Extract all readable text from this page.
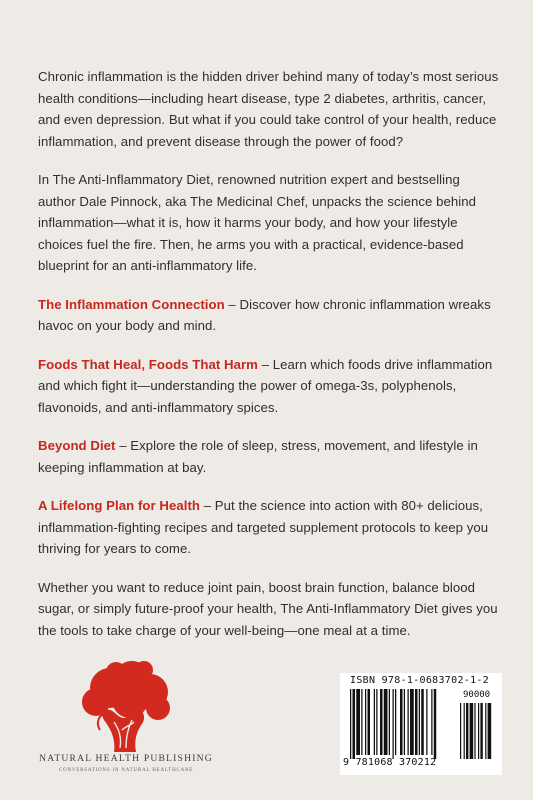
Chronic inflammation is the hidden driver behind many of today’s most serious health conditions—including heart disease, type 2 diabetes, arthritis, cancer, and even depression. But what if you could take control of your health, reduce inflammation, and prevent disease through the power of food?

In The Anti-Inflammatory Diet, renowned nutrition expert and bestselling author Dale Pinnock, aka The Medicinal Chef, unpacks the science behind inflammation—what it is, how it harms your body, and how your lifestyle choices fuel the fire. Then, he arms you with a practical, evidence-based blueprint for an anti-inflammatory life.

The Inflammation Connection – Discover how chronic inflammation wreaks havoc on your body and mind.

Foods That Heal, Foods That Harm – Learn which foods drive inflammation and which fight it—understanding the power of omega-3s, polyphenols, flavonoids, and anti-inflammatory spices.

Beyond Diet – Explore the role of sleep, stress, movement, and lifestyle in keeping inflammation at bay.

A Lifelong Plan for Health – Put the science into action with 80+ delicious, inflammation-fighting recipes and targeted supplement protocols to keep you thriving for years to come.

Whether you want to reduce joint pain, boost brain function, balance blood sugar, or simply future-proof your health, The Anti-Inflammatory Diet gives you the tools to take charge of your well-being—one meal at a time.

NATURAL HEALTH PUBLISHING
CONVERSATIONS IN NATURAL HEALTHCARE
ISBN 978-1-0683702-1-2
90000
9 781068 370212
